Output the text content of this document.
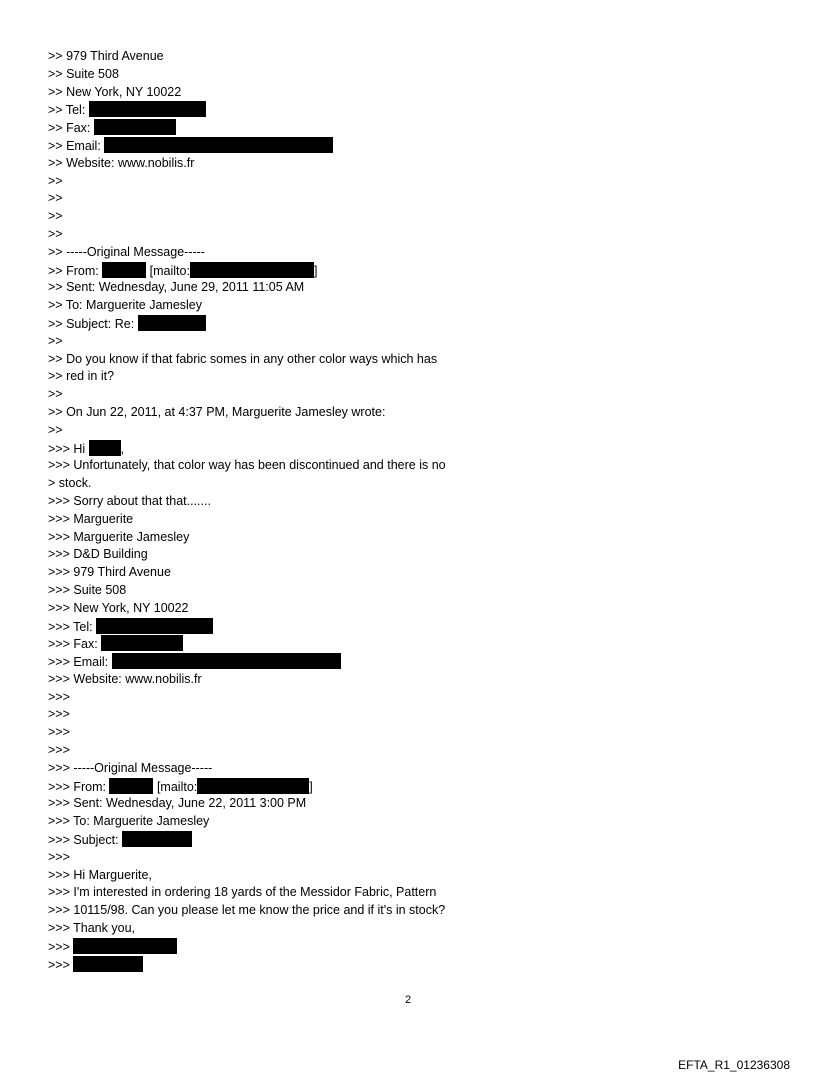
>> 979 Third Avenue
>> Suite 508
>> New York, NY 10022
>> Tel:
>> Fax:
>> Email:
>> Website: www.nobilis.fr
>>
>>
>>
>>
>> -----Original Message-----
>> From:	[mailto:	]
>> Sent: Wednesday, June 29, 2011 11:05 AM
>> To: Marguerite Jamesley
>> Subject: Re:
>>
>> Do you know if that fabric somes in any other color ways which has
>> red in it?
>>
>> On Jun 22, 2011, at 4:37 PM, Marguerite Jamesley wrote:
>>
>>> Hi	,
>>> Unfortunately, that color way has been discontinued and there is no
> stock.
>>> Sorry about that that.......
>>> Marguerite
>>> Marguerite Jamesley
>>> D&D Building
>>> 979 Third Avenue
>>> Suite 508
>>> New York, NY 10022
>>> Tel:
>>> Fax:
>>> Email:
>>> Website: www.nobilis.fr
>>>
>>>
>>>
>>>
>>> -----Original Message-----
>>> From:	[mailto:	]
>>> Sent: Wednesday, June 22, 2011 3:00 PM
>>> To: Marguerite Jamesley
>>> Subject:
>>>
>>> Hi Marguerite,
>>> I'm interested in ordering 18 yards of the Messidor Fabric, Pattern
>>> 10115/98. Can you please let me know the price and if it's in stock?
>>> Thank you,
>>>
>>>
2
EFTA_R1_01236308
